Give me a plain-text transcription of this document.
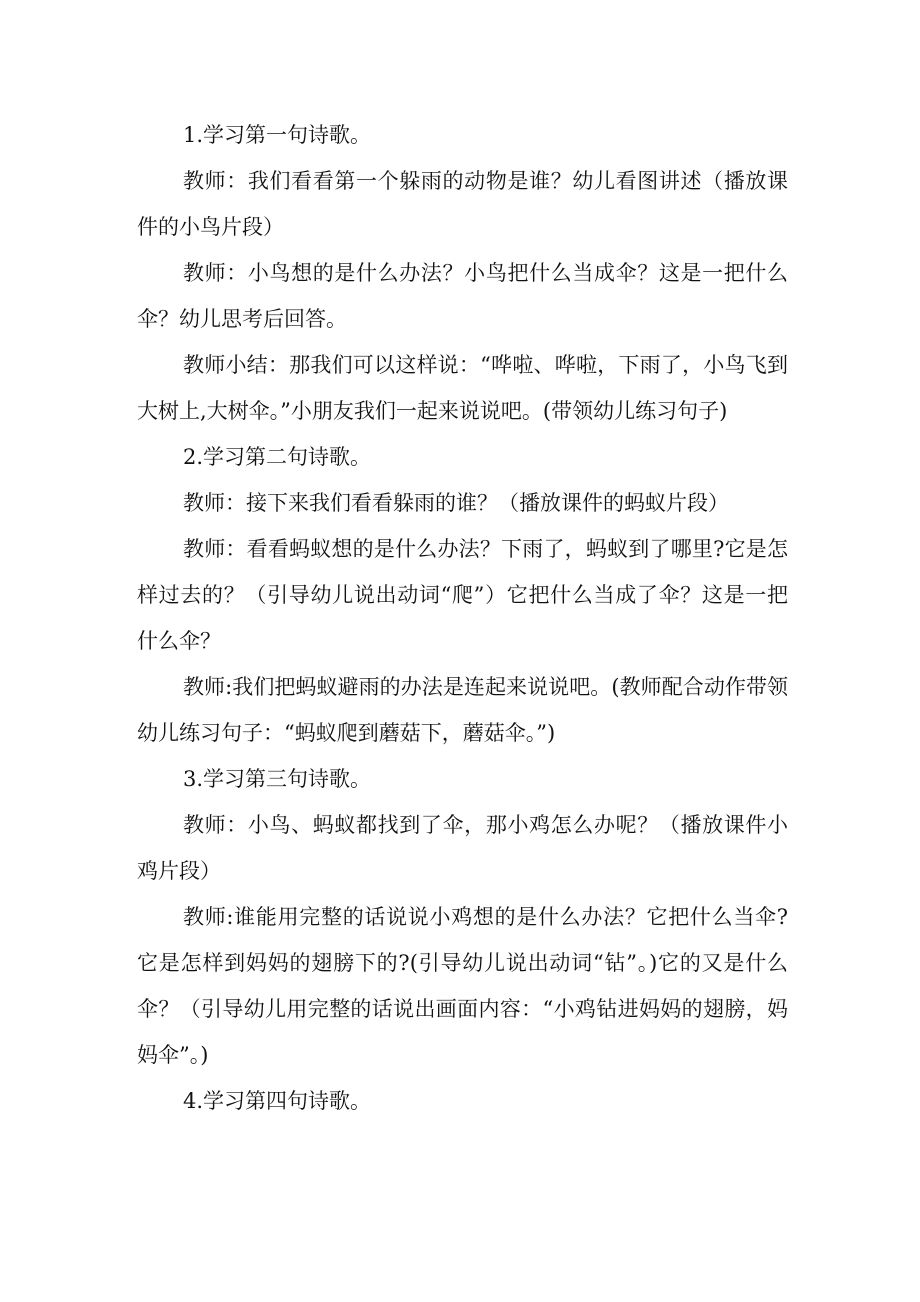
1.学习第一句诗歌。

教师：我们看看第一个躲雨的动物是谁？幼儿看图讲述（播放课件的小鸟片段）

教师：小鸟想的是什么办法？小鸟把什么当成伞？这是一把什么伞？幼儿思考后回答。

教师小结：那我们可以这样说：“哗啦、哗啦，下雨了，小鸟飞到大树上,大树伞。”小朋友我们一起来说说吧。(带领幼儿练习句子)

2.学习第二句诗歌。

教师：接下来我们看看躲雨的谁？（播放课件的蚂蚁片段）

教师：看看蚂蚁想的是什么办法？下雨了，蚂蚁到了哪里?它是怎样过去的？（引导幼儿说出动词“爬”）它把什么当成了伞？这是一把什么伞？

教师:我们把蚂蚁避雨的办法是连起来说说吧。(教师配合动作带领幼儿练习句子：“蚂蚁爬到蘑菇下，蘑菇伞。”)

3.学习第三句诗歌。

教师：小鸟、蚂蚁都找到了伞，那小鸡怎么办呢？（播放课件小鸡片段）

教师:谁能用完整的话说说小鸡想的是什么办法？它把什么当伞?它是怎样到妈妈的翅膀下的?(引导幼儿说出动词“钻”。)它的又是什么伞？（引导幼儿用完整的话说出画面内容：“小鸡钻进妈妈的翅膀，妈妈伞”。)

4.学习第四句诗歌。
